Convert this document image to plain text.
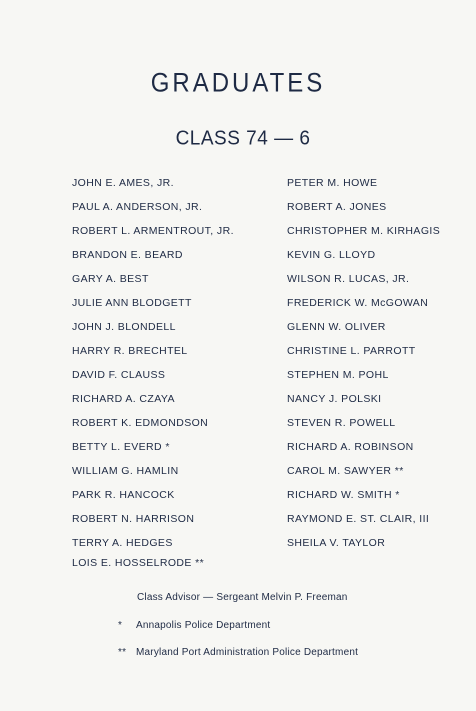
GRADUATES
CLASS 74 — 6
JOHN E. AMES, JR.
PAUL A. ANDERSON, JR.
ROBERT L. ARMENTROUT, JR.
BRANDON E. BEARD
GARY A. BEST
JULIE ANN BLODGETT
JOHN J. BLONDELL
HARRY R. BRECHTEL
DAVID F. CLAUSS
RICHARD A. CZAYA
ROBERT K. EDMONDSON
BETTY L. EVERD *
WILLIAM G. HAMLIN
PARK R. HANCOCK
ROBERT N. HARRISON
TERRY A. HEDGES
LOIS E. HOSSELRODE **
PETER M. HOWE
ROBERT A. JONES
CHRISTOPHER M. KIRHAGIS
KEVIN G. LLOYD
WILSON R. LUCAS, JR.
FREDERICK W. McGOWAN
GLENN W. OLIVER
CHRISTINE L. PARROTT
STEPHEN M. POHL
NANCY J. POLSKI
STEVEN R. POWELL
RICHARD A. ROBINSON
CAROL M. SAWYER **
RICHARD W. SMITH *
RAYMOND E. ST. CLAIR, III
SHEILA V. TAYLOR
Class Advisor — Sergeant Melvin P. Freeman
* Annapolis Police Department
** Maryland Port Administration Police Department
